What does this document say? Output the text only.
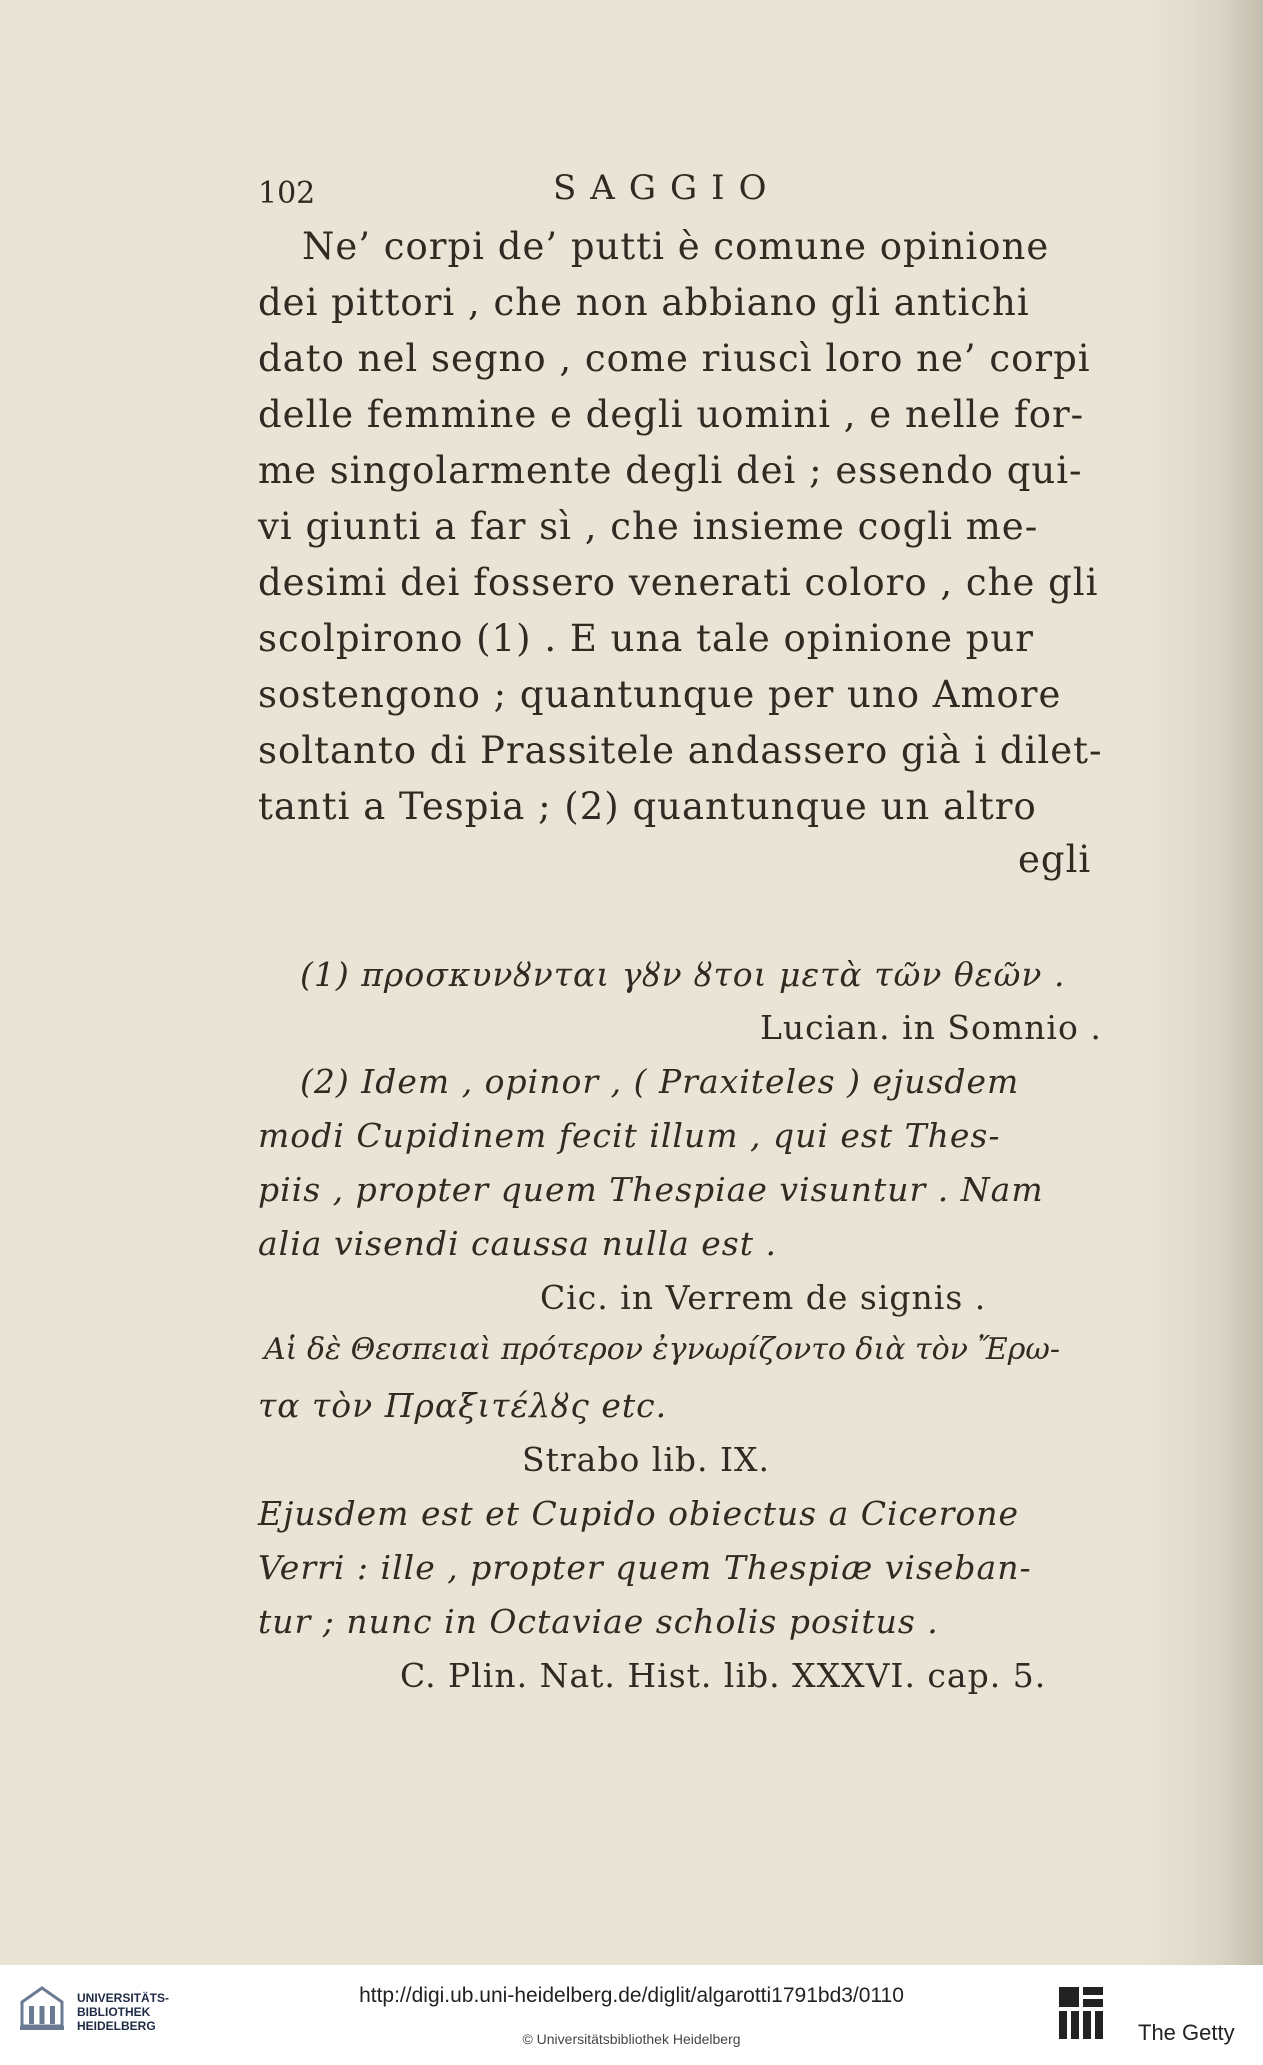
102	SAGGIO
Ne’ corpi de’ putti è comune opinione
dei pittori , che non abbiano gli antichi
dato nel segno , come riuscì loro ne’ corpi
delle femmine e degli uomini , e nelle for-
me singolarmente degli dei ; essendo qui-
vi giunti a far sì , che insieme cogli me-
desimi dei fossero venerati coloro , che gli
scolpirono (1) . E una tale opinione pur
sostengono ; quantunque per uno Amore
soltanto di Prassitele andassero già i dilet-
tanti a Tespia ; (2) quantunque un altro
egli
(1) προσκυνȣνται γȣν ȣτοι μετὰ τῶν θεῶν .
Lucian. in Somnio .
(2) Idem , opinor , ( Praxiteles ) ejusdem
modi Cupidinem fecit illum , qui est Thes-
piis , propter quem Thespiae visuntur . Nam
alia visendi caussa nulla est .
Cic. in Verrem de signis .
Αἱ δὲ Θεσπειαὶ πρότερον ἐγνωρίζοντο διὰ τὸν Ἔρω-
τα τὸν Πραξιτέλȣς etc.
Strabo lib. IX.
Ejusdem est et Cupido obiectus a Cicerone
Verri : ille , propter quem Thespiæ viseban-
tur ; nunc in Octaviae scholis positus .
C. Plin. Nat. Hist. lib. XXXVI. cap. 5.
UNIVERSITÄTS-
BIBLIOTHEK
HEIDELBERG
http://digi.ub.uni-heidelberg.de/diglit/algarotti1791bd3/0110
© Universitätsbibliothek Heidelberg	The Getty
